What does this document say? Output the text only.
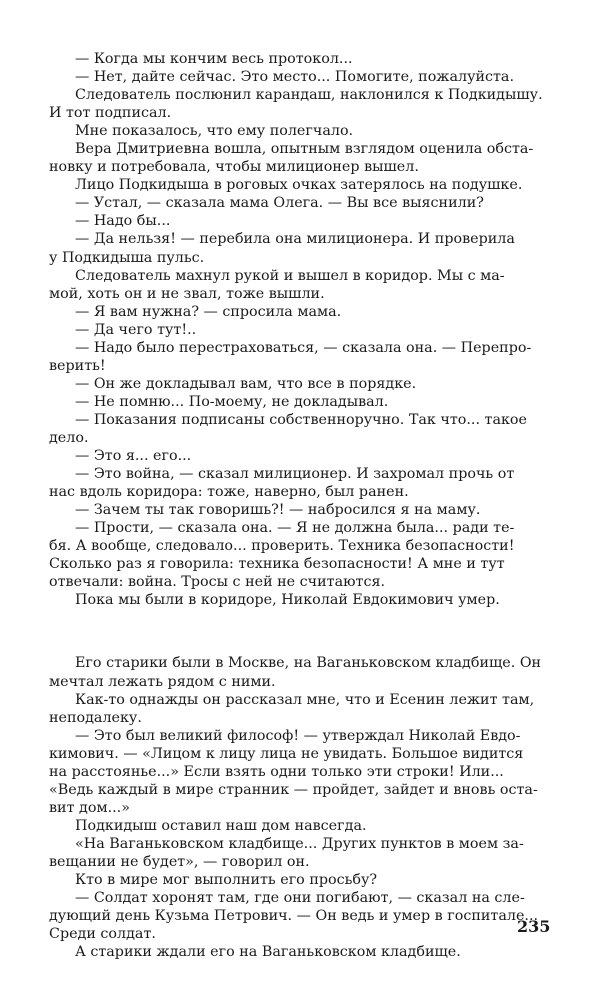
— Когда мы кончим весь протокол...
— Нет, дайте сейчас. Это место... Помогите, пожалуйста.
Следователь послюнил карандаш, наклонился к Подкидышу.
И тот подписал.
Мне показалось, что ему полегчало.
Вера Дмитриевна вошла, опытным взглядом оценила обста-
новку и потребовала, чтобы милиционер вышел.
Лицо Подкидыша в роговых очках затерялось на подушке.
— Устал, — сказала мама Олега. — Вы все выяснили?
— Надо бы...
— Да нельзя! — перебила она милиционера. И проверила
у Подкидыша пульс.
Следователь махнул рукой и вышел в коридор. Мы с ма-
мой, хоть он и не звал, тоже вышли.
— Я вам нужна? — спросила мама.
— Да чего тут!..
— Надо было перестраховаться, — сказала она. — Перепро-
верить!
— Он же докладывал вам, что все в порядке.
— Не помню... По-моему, не докладывал.
— Показания подписаны собственноручно. Так что... такое
дело.
— Это я... его...
— Это война, — сказал милиционер. И захромал прочь от
нас вдоль коридора: тоже, наверно, был ранен.
— Зачем ты так говоришь?! — набросился я на маму.
— Прости, — сказала она. — Я не должна была... ради те-
бя. А вообще, следовало... проверить. Техника безопасности!
Сколько раз я говорила: техника безопасности! А мне и тут
отвечали: война. Тросы с ней не считаются.
Пока мы были в коридоре, Николай Евдокимович умер.
Его старики были в Москве, на Ваганьковском кладбище. Он
мечтал лежать рядом с ними.
Как-то однажды он рассказал мне, что и Есенин лежит там,
неподалеку.
— Это был великий философ! — утверждал Николай Евдо-
кимович. — «Лицом к лицу лица не увидать. Большое видится
на расстоянье...» Если взять одни только эти строки! Или...
«Ведь каждый в мире странник — пройдет, зайдет и вновь оста-
вит дом...»
Подкидыш оставил наш дом навсегда.
«На Ваганьковском кладбище... Других пунктов в моем за-
вещании не будет», — говорил он.
Кто в мире мог выполнить его просьбу?
— Солдат хоронят там, где они погибают, — сказал на сле-
дующий день Кузьма Петрович. — Он ведь и умер в госпитале...
Среди солдат.
А старики ждали его на Ваганьковском кладбище.
235
